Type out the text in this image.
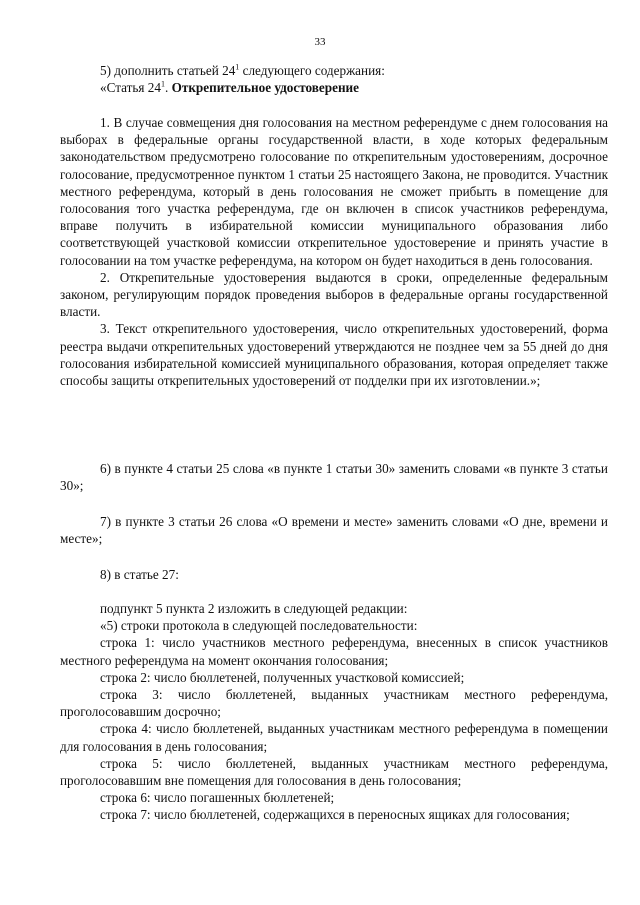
33

5) дополнить статьей $24^1$ следующего содержания:

«Статья $24^1$. Открепительное удостоверение

1. В случае совмещения дня голосования на местном референдуме с днем голосования на выборах в федеральные органы государственной власти, в ходе которых федеральным законодательством предусмотрено голосование по открепительным удостоверениям, досрочное голосование, предусмотренное пунктом 1 статьи 25 настоящего Закона, не проводится. Участник местного референдума, который в день голосования не сможет прибыть в помещение для голосования того участка референдума, где он включен в список участников референдума, вправе получить в избирательной комиссии муниципального образования либо соответствующей участковой комиссии открепительное удостоверение и принять участие в голосовании на том участке референдума, на котором он будет находиться в день голосования.

2. Открепительные удостоверения выдаются в сроки, определенные федеральным законом, регулирующим порядок проведения выборов в федеральные органы государственной власти.

3. Текст открепительного удостоверения, число открепительных удостоверений, форма реестра выдачи открепительных удостоверений утверждаются не позднее чем за 55 дней до дня голосования избирательной комиссией муниципального образования, которая определяет также способы защиты открепительных удостоверений от подделки при их изготовлении.»;

6) в пункте 4 статьи 25 слова «в пункте 1 статьи 30» заменить словами «в пункте 3 статьи 30»;

7) в пункте 3 статьи 26 слова «О времени и месте» заменить словами «О дне, времени и месте»;

8) в статье 27:

подпункт 5 пункта 2 изложить в следующей редакции:

«5) строки протокола в следующей последовательности:

строка 1: число участников местного референдума, внесенных в список участников местного референдума на момент окончания голосования;

строка 2: число бюллетеней, полученных участковой комиссией;

строка 3: число бюллетеней, выданных участникам местного референдума, проголосовавшим досрочно;

строка 4: число бюллетеней, выданных участникам местного референдума в помещении для голосования в день голосования;

строка 5: число бюллетеней, выданных участникам местного референдума, проголосовавшим вне помещения для голосования в день голосования;

строка 6: число погашенных бюллетеней;

строка 7: число бюллетеней, содержащихся в переносных ящиках для голосования;
